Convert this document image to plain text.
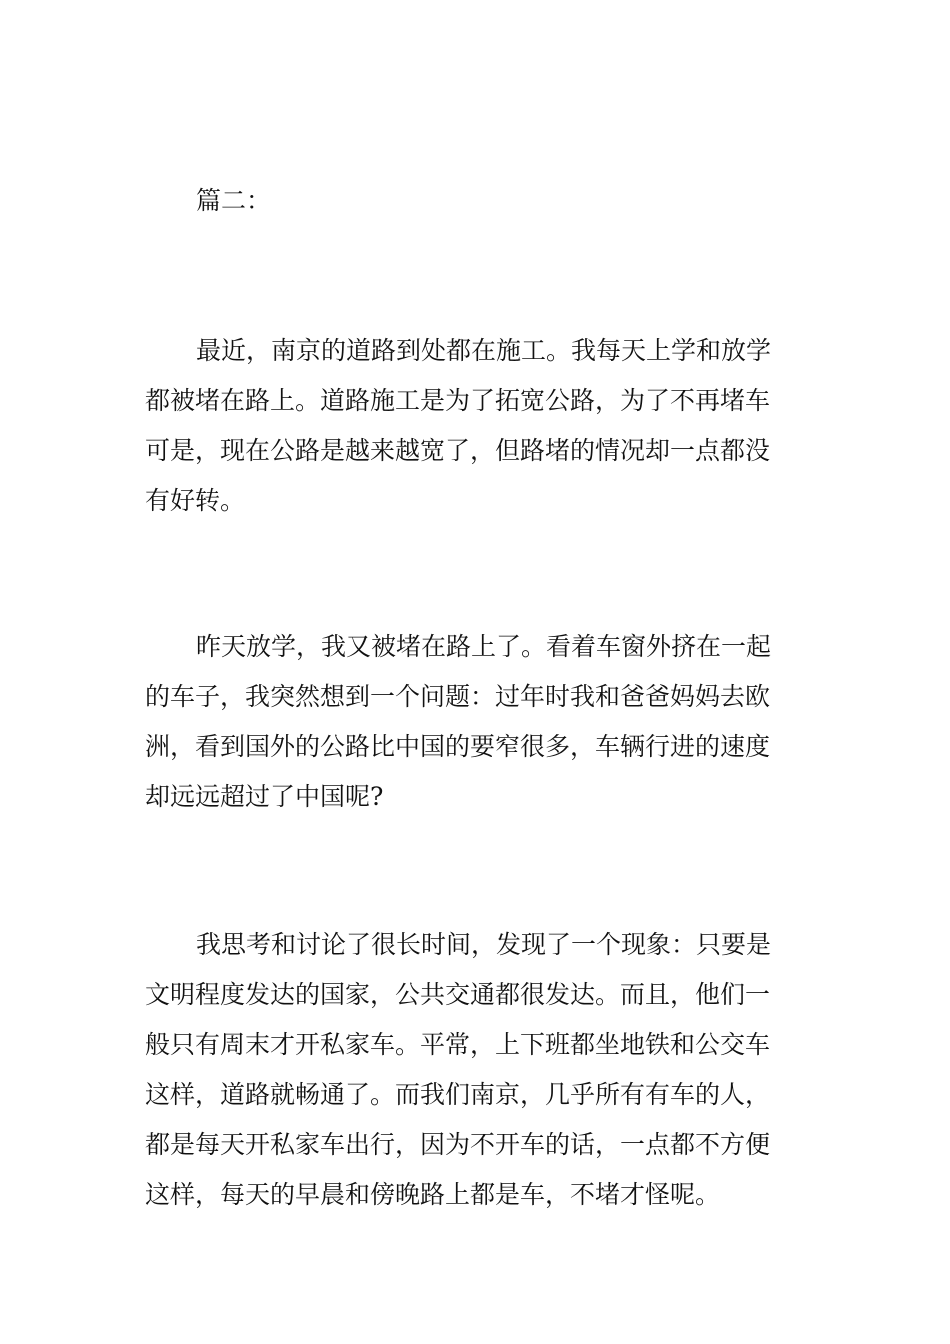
篇二：
最近，南京的道路到处都在施工。我每天上学和放学
都被堵在路上。道路施工是为了拓宽公路，为了不再堵车
可是，现在公路是越来越宽了，但路堵的情况却一点都没
有好转。
昨天放学，我又被堵在路上了。看着车窗外挤在一起
的车子，我突然想到一个问题：过年时我和爸爸妈妈去欧
洲，看到国外的公路比中国的要窄很多，车辆行进的速度
却远远超过了中国呢?
我思考和讨论了很长时间，发现了一个现象：只要是
文明程度发达的国家，公共交通都很发达。而且，他们一
般只有周末才开私家车。平常，上下班都坐地铁和公交车
这样，道路就畅通了。而我们南京，几乎所有有车的人，
都是每天开私家车出行，因为不开车的话，一点都不方便
这样，每天的早晨和傍晚路上都是车，不堵才怪呢。
